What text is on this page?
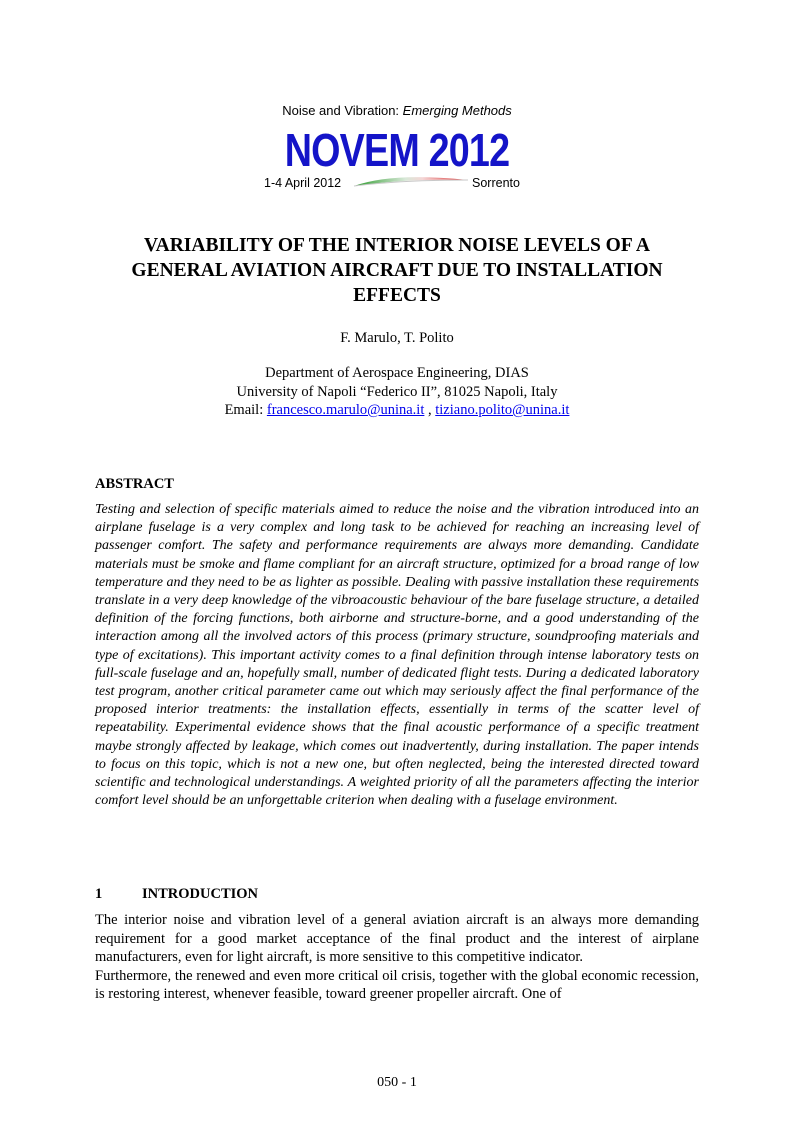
Noise and Vibration: Emerging Methods
NOVEM 2012
1-4 April 2012	Sorrento
VARIABILITY OF THE INTERIOR NOISE LEVELS OF A GENERAL AVIATION AIRCRAFT DUE TO INSTALLATION EFFECTS
F. Marulo, T. Polito
Department of Aerospace Engineering, DIAS
University of Napoli “Federico II”, 81025 Napoli, Italy
Email: francesco.marulo@unina.it , tiziano.polito@unina.it
ABSTRACT

Testing and selection of specific materials aimed to reduce the noise and the vibration introduced into an airplane fuselage is a very complex and long task to be achieved for reaching an increasing level of passenger comfort. The safety and performance requirements are always more demanding. Candidate materials must be smoke and flame compliant for an aircraft structure, optimized for a broad range of low temperature and they need to be as lighter as possible. Dealing with passive installation these requirements translate in a very deep knowledge of the vibroacoustic behaviour of the bare fuselage structure, a detailed definition of the forcing functions, both airborne and structure-borne, and a good understanding of the interaction among all the involved actors of this process (primary structure, soundproofing materials and type of excitations). This important activity comes to a final definition through intense laboratory tests on full-scale fuselage and an, hopefully small, number of dedicated flight tests. During a dedicated laboratory test program, another critical parameter came out which may seriously affect the final performance of the proposed interior treatments: the installation effects, essentially in terms of the scatter level of repeatability. Experimental evidence shows that the final acoustic performance of a specific treatment maybe strongly affected by leakage, which comes out inadvertently, during installation. The paper intends to focus on this topic, which is not a new one, but often neglected, being the interested directed toward scientific and technological understandings. A weighted priority of all the parameters affecting the interior comfort level should be an unforgettable criterion when dealing with a fuselage environment.

1	INTRODUCTION

The interior noise and vibration level of a general aviation aircraft is an always more demanding requirement for a good market acceptance of the final product and the interest of airplane manufacturers, even for light aircraft, is more sensitive to this competitive indicator.

Furthermore, the renewed and even more critical oil crisis, together with the global economic recession, is restoring interest, whenever feasible, toward greener propeller aircraft. One of

050 - 1
